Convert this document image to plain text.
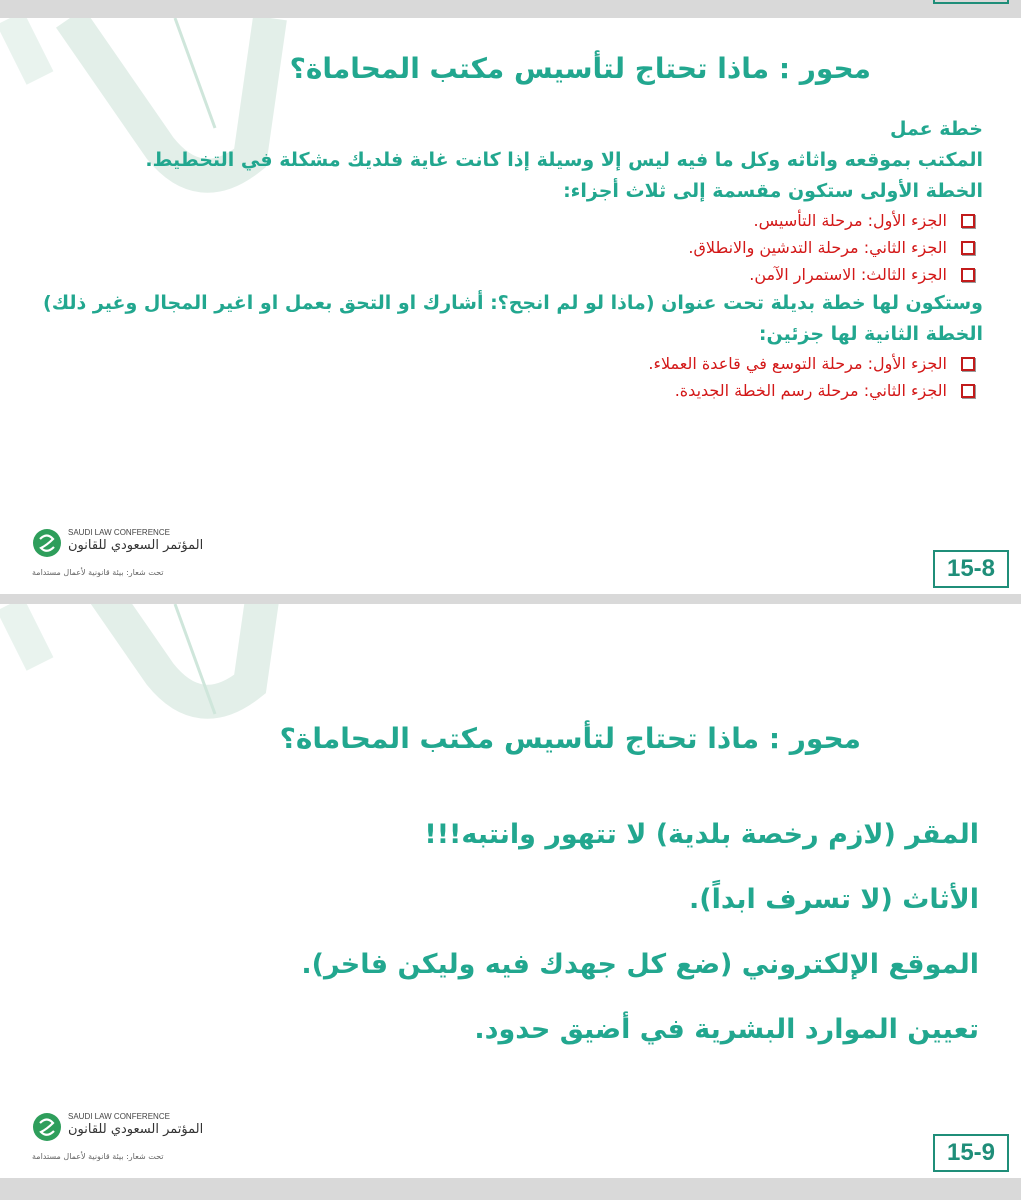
محور : ماذا تحتاج لتأسيس مكتب المحاماة؟
خطة عمل
المكتب بموقعه واثاثه وكل ما فيه ليس إلا وسيلة إذا كانت غاية فلديك مشكلة في التخطيط.
الخطة الأولى ستكون مقسمة إلى ثلاث أجزاء:
الجزء الأول: مرحلة التأسيس.
الجزء الثاني: مرحلة التدشين والانطلاق.
الجزء الثالث: الاستمرار الآمن.
وستكون لها خطة بديلة تحت عنوان (ماذا لو لم انجح؟: أشارك او التحق بعمل او اغير المجال وغير ذلك)
الخطة الثانية لها جزئين:
الجزء الأول: مرحلة التوسع في قاعدة العملاء.
الجزء الثاني: مرحلة رسم الخطة الجديدة.
SAUDI LAW CONFERENCE
المؤتمر السعودي للقانون
تحت شعار: بيئة قانونية لأعمال مستدامة	15-8
محور : ماذا تحتاج لتأسيس مكتب المحاماة؟
المقر (لازم رخصة بلدية) لا تتهور وانتبه!!!
الأثاث (لا تسرف ابداً).
الموقع الإلكتروني (ضع كل جهدك فيه وليكن فاخر).
تعيين الموارد البشرية في أضيق حدود.
SAUDI LAW CONFERENCE
المؤتمر السعودي للقانون
تحت شعار: بيئة قانونية لأعمال مستدامة	15-9
